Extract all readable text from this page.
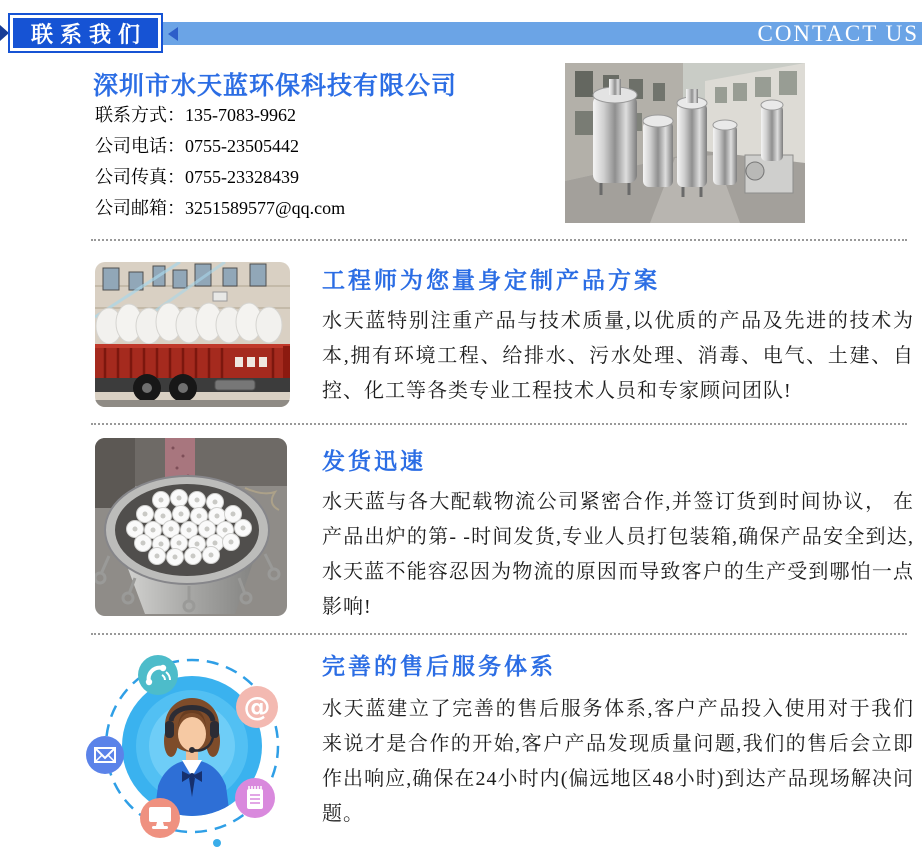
联系我们	CONTACT US
深圳市水天蓝环保科技有限公司
联系方式：135-7083-9962
公司电话：0755-23505442
公司传真：0755-23328439
公司邮箱：3251589577@qq.com
工程师为您量身定制产品方案
水天蓝特别注重产品与技术质量,以优质的产品及先进的技术为本,拥有环境工程、给排水、污水处理、消毒、电气、土建、自控、化工等各类专业工程技术人员和专家顾问团队!
发货迅速
水天蓝与各大配载物流公司紧密合作,并签订货到时间协议， 在产品出炉的第- -时间发货,专业人员打包装箱,确保产品安全到达,水天蓝不能容忍因为物流的原因而导致客户的生产受到哪怕一点影响!
@
完善的售后服务体系
水天蓝建立了完善的售后服务体系,客户产品投入使用对于我们来说才是合作的开始,客户产品发现质量问题,我们的售后会立即作出响应,确保在24小时内(偏远地区48小时)到达产品现场解决问题。
